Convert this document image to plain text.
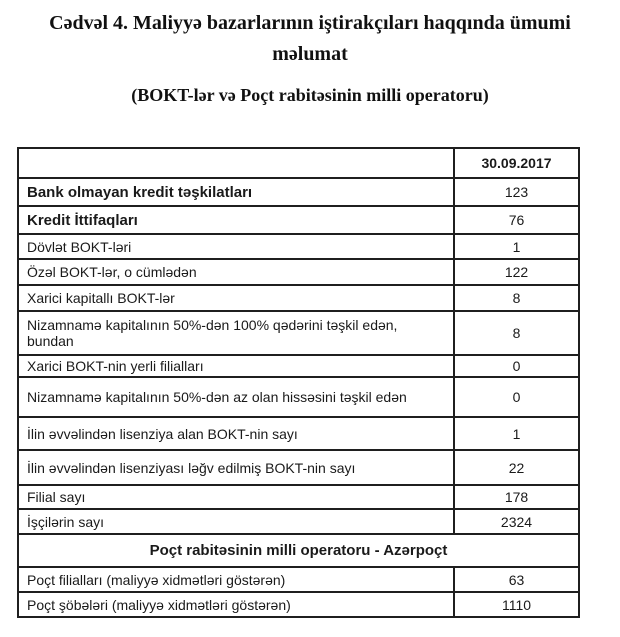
Cədvəl 4. Maliyyə bazarlarının iştirakçıları haqqında ümumi məlumat
(BOKT-lər və Poçt rabitəsinin milli operatoru)
	30.09.2017
Bank olmayan kredit təşkilatları	123
Kredit İttifaqları	76
Dövlət BOKT-ləri	1
Özəl BOKT-lər, o cümlədən	122
Xarici kapitallı BOKT-lər	8
Nizamnamə kapitalının 50%-dən 100% qədərini təşkil edən, bundan	8
Xarici BOKT-nin yerli filialları	0
Nizamnamə kapitalının 50%-dən az olan hissəsini təşkil edən	0
İlin əvvəlindən lisenziya alan BOKT-nin sayı	1
İlin əvvəlindən lisenziyası ləğv edilmiş BOKT-nin sayı	22
Filial sayı	178
İşçilərin sayı	2324
Poçt rabitəsinin milli operatoru - Azərpoçt	
Poçt filialları (maliyyə xidmətləri göstərən)	63
Poçt şöbələri (maliyyə xidmətləri göstərən)	1110
